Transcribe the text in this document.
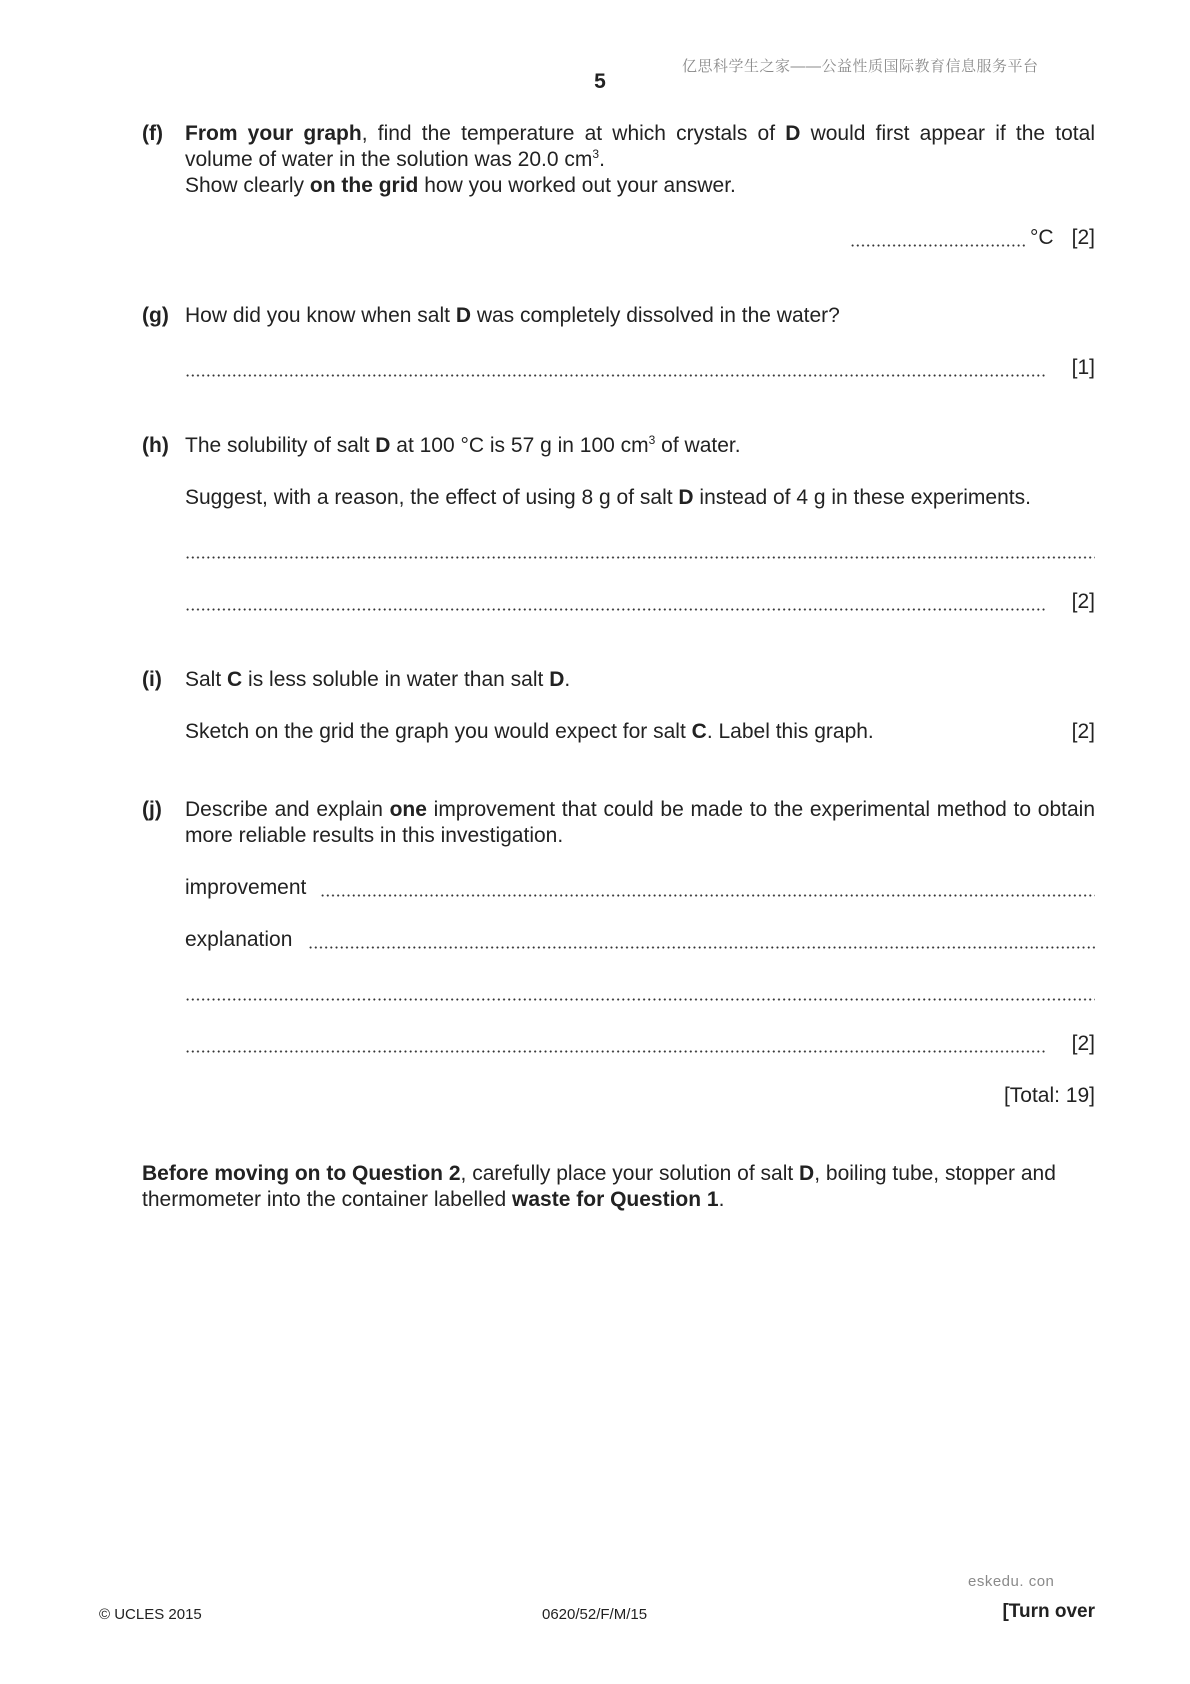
亿思科学生之家——公益性质国际教育信息服务平台
5
(f) From your graph, find the temperature at which crystals of D would first appear if the total volume of water in the solution was 20.0 $cm^3$.
Show clearly on the grid how you worked out your answer.
°C [2]
(g) How did you know when salt D was completely dissolved in the water?
[1]
(h) The solubility of salt D at 100 °C is 57 g in 100 $cm^3$ of water.
Suggest, with a reason, the effect of using 8 g of salt D instead of 4 g in these experiments.
[2]
(i) Salt C is less soluble in water than salt D.
Sketch on the grid the graph you would expect for salt C. Label this graph.	[2]
(j) Describe and explain one improvement that could be made to the experimental method to obtain more reliable results in this investigation.
improvement
explanation
[2]
[Total: 19]
Before moving on to Question 2, carefully place your solution of salt D, boiling tube, stopper and thermometer into the container labelled waste for Question 1.
eskedu. con
© UCLES 2015	0620/52/F/M/15	[Turn over
